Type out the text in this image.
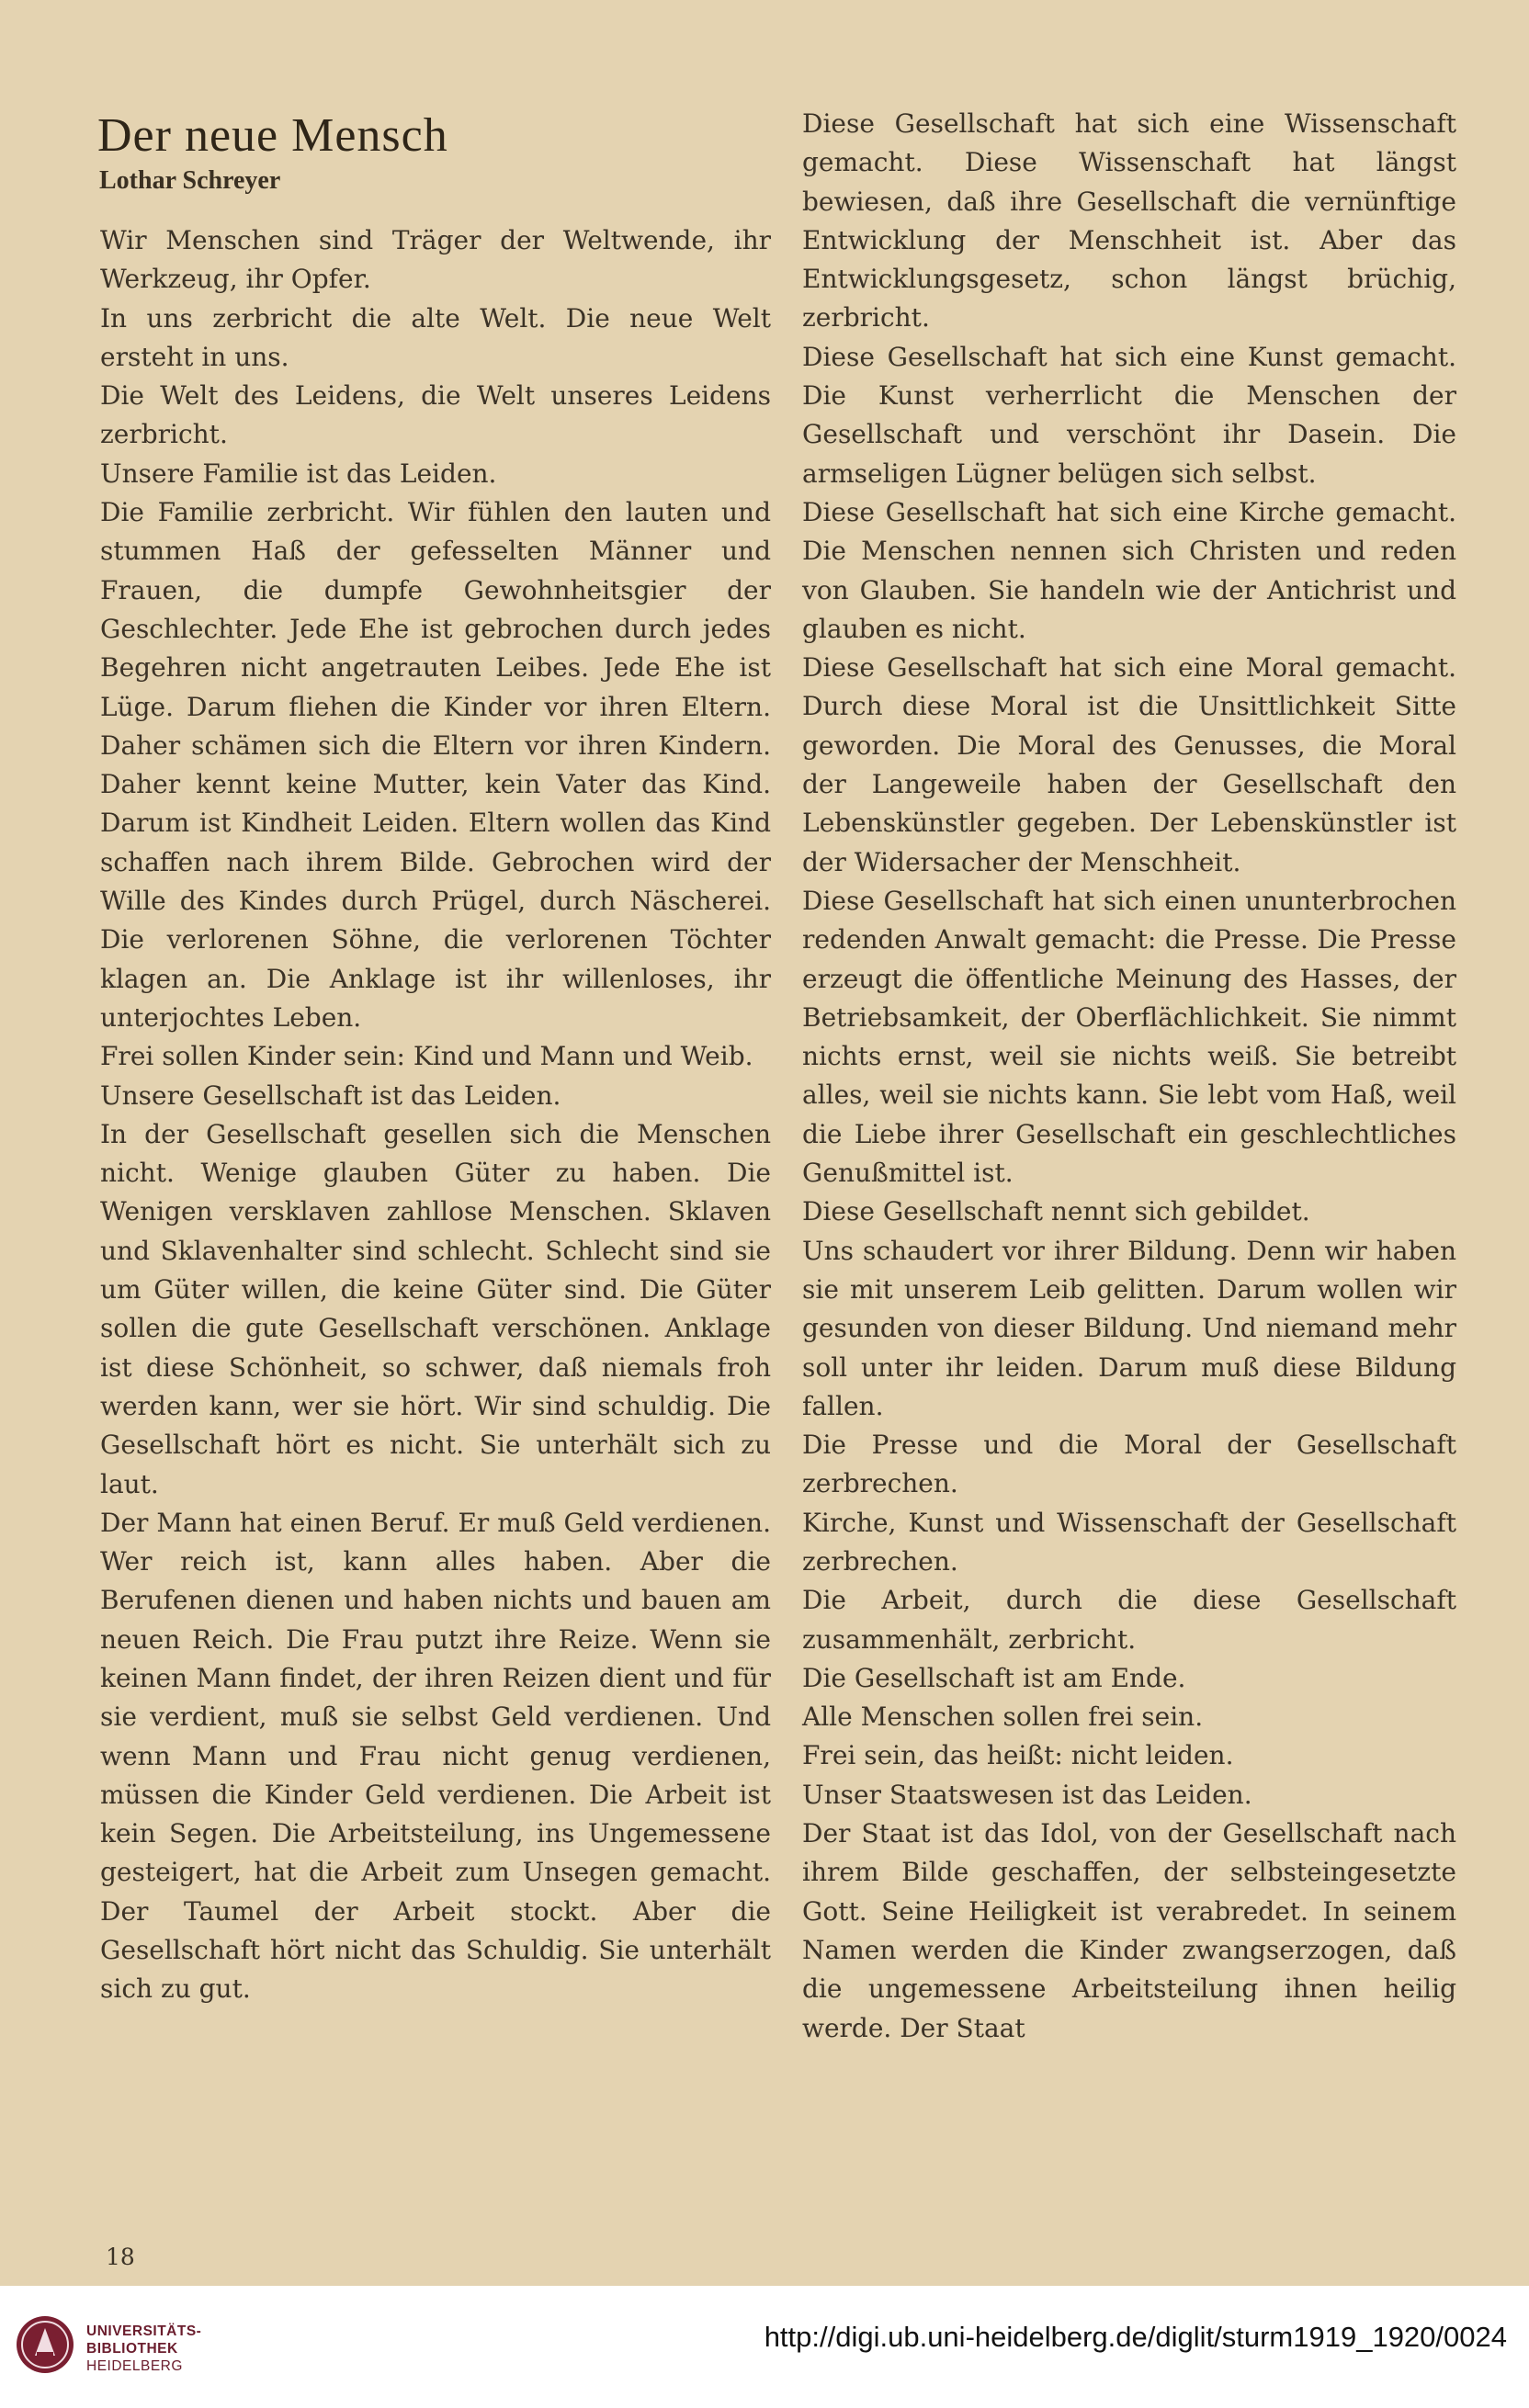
Der neue Mensch
Lothar Schreyer

Wir Menschen sind Träger der Weltwende, ihr Werkzeug, ihr Opfer.

In uns zerbricht die alte Welt. Die neue Welt ersteht in uns.

Die Welt des Leidens, die Welt unseres Leidens zerbricht.

Unsere Familie ist das Leiden.

Die Familie zerbricht. Wir fühlen den lauten und stummen Haß der gefesselten Männer und Frauen, die dumpfe Gewohnheitsgier der Geschlechter. Jede Ehe ist gebrochen durch jedes Begehren nicht angetrauten Leibes. Jede Ehe ist Lüge. Darum fliehen die Kinder vor ihren Eltern. Daher schämen sich die Eltern vor ihren Kindern. Daher kennt keine Mutter, kein Vater das Kind. Darum ist Kindheit Leiden. Eltern wollen das Kind schaffen nach ihrem Bilde. Gebrochen wird der Wille des Kindes durch Prügel, durch Näscherei. Die verlorenen Söhne, die verlorenen Töchter klagen an. Die Anklage ist ihr willenloses, ihr unterjochtes Leben.

Frei sollen Kinder sein: Kind und Mann und Weib.

Unsere Gesellschaft ist das Leiden.

In der Gesellschaft gesellen sich die Menschen nicht. Wenige glauben Güter zu haben. Die Wenigen versklaven zahllose Menschen. Sklaven und Sklavenhalter sind schlecht. Schlecht sind sie um Güter willen, die keine Güter sind. Die Güter sollen die gute Gesellschaft verschönen. Anklage ist diese Schönheit, so schwer, daß niemals froh werden kann, wer sie hört. Wir sind schuldig. Die Gesellschaft hört es nicht. Sie unterhält sich zu laut.

Der Mann hat einen Beruf. Er muß Geld verdienen. Wer reich ist, kann alles haben. Aber die Berufenen dienen und haben nichts und bauen am neuen Reich. Die Frau putzt ihre Reize. Wenn sie keinen Mann findet, der ihren Reizen dient und für sie verdient, muß sie selbst Geld verdienen. Und wenn Mann und Frau nicht genug verdienen, müssen die Kinder Geld verdienen. Die Arbeit ist kein Segen. Die Arbeitsteilung, ins Ungemessene gesteigert, hat die Arbeit zum Unsegen gemacht. Der Taumel der Arbeit stockt. Aber die Gesellschaft hört nicht das Schuldig. Sie unterhält sich zu gut.

Diese Gesellschaft hat sich eine Wissenschaft gemacht. Diese Wissenschaft hat längst bewiesen, daß ihre Gesellschaft die vernünftige Entwicklung der Menschheit ist. Aber das Entwicklungsgesetz, schon längst brüchig, zerbricht.

Diese Gesellschaft hat sich eine Kunst gemacht. Die Kunst verherrlicht die Menschen der Gesellschaft und verschönt ihr Dasein. Die armseligen Lügner belügen sich selbst.

Diese Gesellschaft hat sich eine Kirche gemacht. Die Menschen nennen sich Christen und reden von Glauben. Sie handeln wie der Antichrist und glauben es nicht.

Diese Gesellschaft hat sich eine Moral gemacht. Durch diese Moral ist die Unsittlichkeit Sitte geworden. Die Moral des Genusses, die Moral der Langeweile haben der Gesellschaft den Lebenskünstler gegeben. Der Lebenskünstler ist der Widersacher der Menschheit.

Diese Gesellschaft hat sich einen ununterbrochen redenden Anwalt gemacht: die Presse. Die Presse erzeugt die öffentliche Meinung des Hasses, der Betriebsamkeit, der Oberflächlichkeit. Sie nimmt nichts ernst, weil sie nichts weiß. Sie betreibt alles, weil sie nichts kann. Sie lebt vom Haß, weil die Liebe ihrer Gesellschaft ein geschlechtliches Genußmittel ist.

Diese Gesellschaft nennt sich gebildet.

Uns schaudert vor ihrer Bildung. Denn wir haben sie mit unserem Leib gelitten. Darum wollen wir gesunden von dieser Bildung. Und niemand mehr soll unter ihr leiden. Darum muß diese Bildung fallen.

Die Presse und die Moral der Gesellschaft zerbrechen.

Kirche, Kunst und Wissenschaft der Gesellschaft zerbrechen.

Die Arbeit, durch die diese Gesellschaft zusammenhält, zerbricht.

Die Gesellschaft ist am Ende.

Alle Menschen sollen frei sein.

Frei sein, das heißt: nicht leiden.

Unser Staatswesen ist das Leiden.

Der Staat ist das Idol, von der Gesellschaft nach ihrem Bilde geschaffen, der selbsteingesetzte Gott. Seine Heiligkeit ist verabredet. In seinem Namen werden die Kinder zwangserzogen, daß die ungemessene Arbeitsteilung ihnen heilig werde. Der Staat

18
UNIVERSITÄTS-
BIBLIOTHEK
HEIDELBERG
http://digi.ub.uni-heidelberg.de/diglit/sturm1919_1920/0024
